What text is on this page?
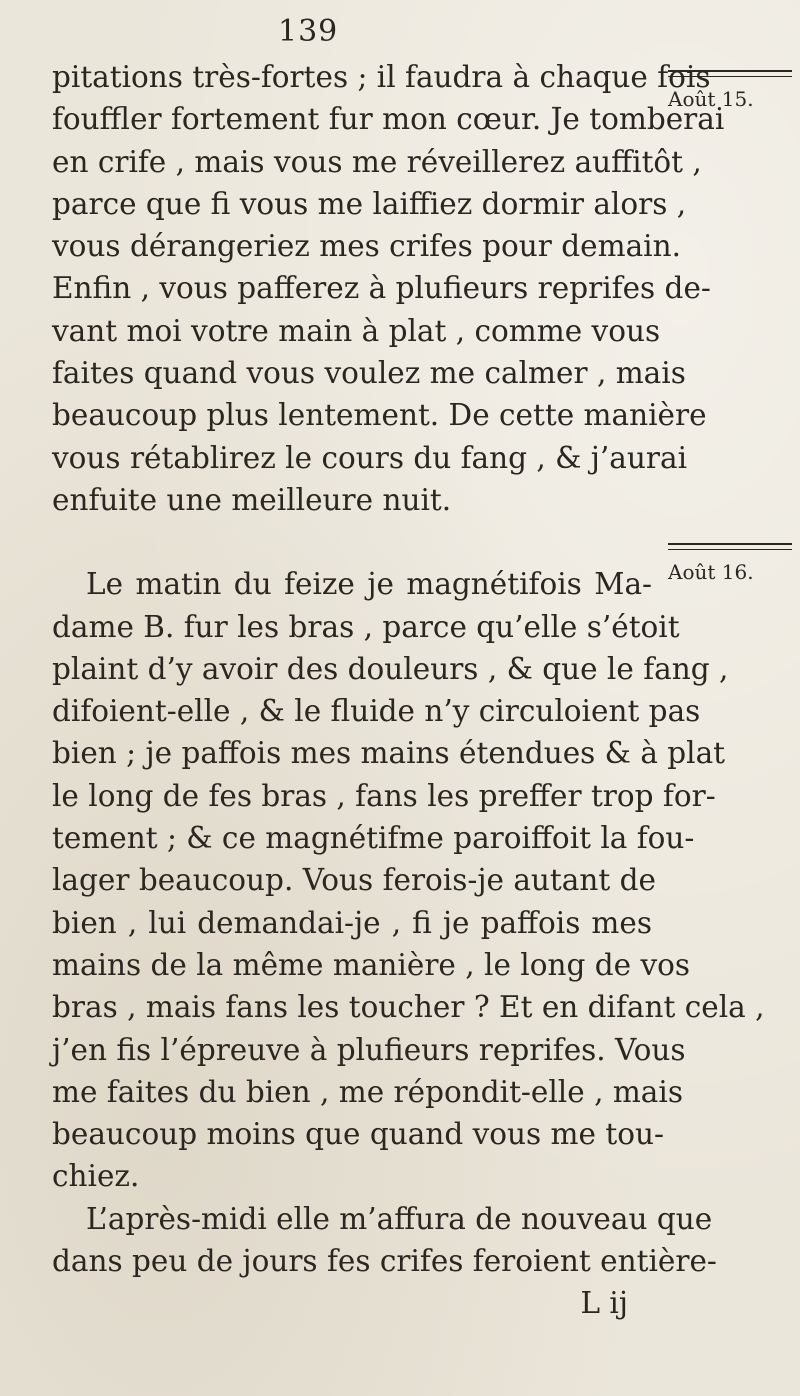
139
pitations très-fortes ; il faudra à chaque fois
fouffler fortement fur mon cœur. Je tomberai
en crife , mais vous me réveillerez auffitôt ,
parce que fi vous me laiffiez dormir alors ,
vous dérangeriez mes crifes pour demain.
Enfin , vous pafferez à plufieurs reprifes de-
vant moi votre main à plat , comme vous
faites quand vous voulez me calmer , mais
beaucoup plus lentement. De cette manière
vous rétablirez le cours du fang , & j’aurai
enfuite une meilleure nuit.
Le matin du feize je magnétifois Ma-
dame B. fur les bras , parce qu’elle s’étoit
plaint d’y avoir des douleurs , & que le fang ,
difoient-elle , & le fluide n’y circuloient pas
bien ; je paffois mes mains étendues & à plat
le long de fes bras , fans les preffer trop for-
tement ; & ce magnétifme paroiffoit la fou-
lager beaucoup. Vous ferois-je autant de
bien , lui demandai-je , fi je paffois mes
mains de la même manière , le long de vos
bras , mais fans les toucher ? Et en difant cela ,
j’en fis l’épreuve à plufieurs reprifes. Vous
me faites du bien , me répondit-elle , mais
beaucoup moins que quand vous me tou-
chiez.
L’après-midi elle m’affura de nouveau que
dans peu de jours fes crifes feroient entière-
L ij
Août 15.
Août 16.
